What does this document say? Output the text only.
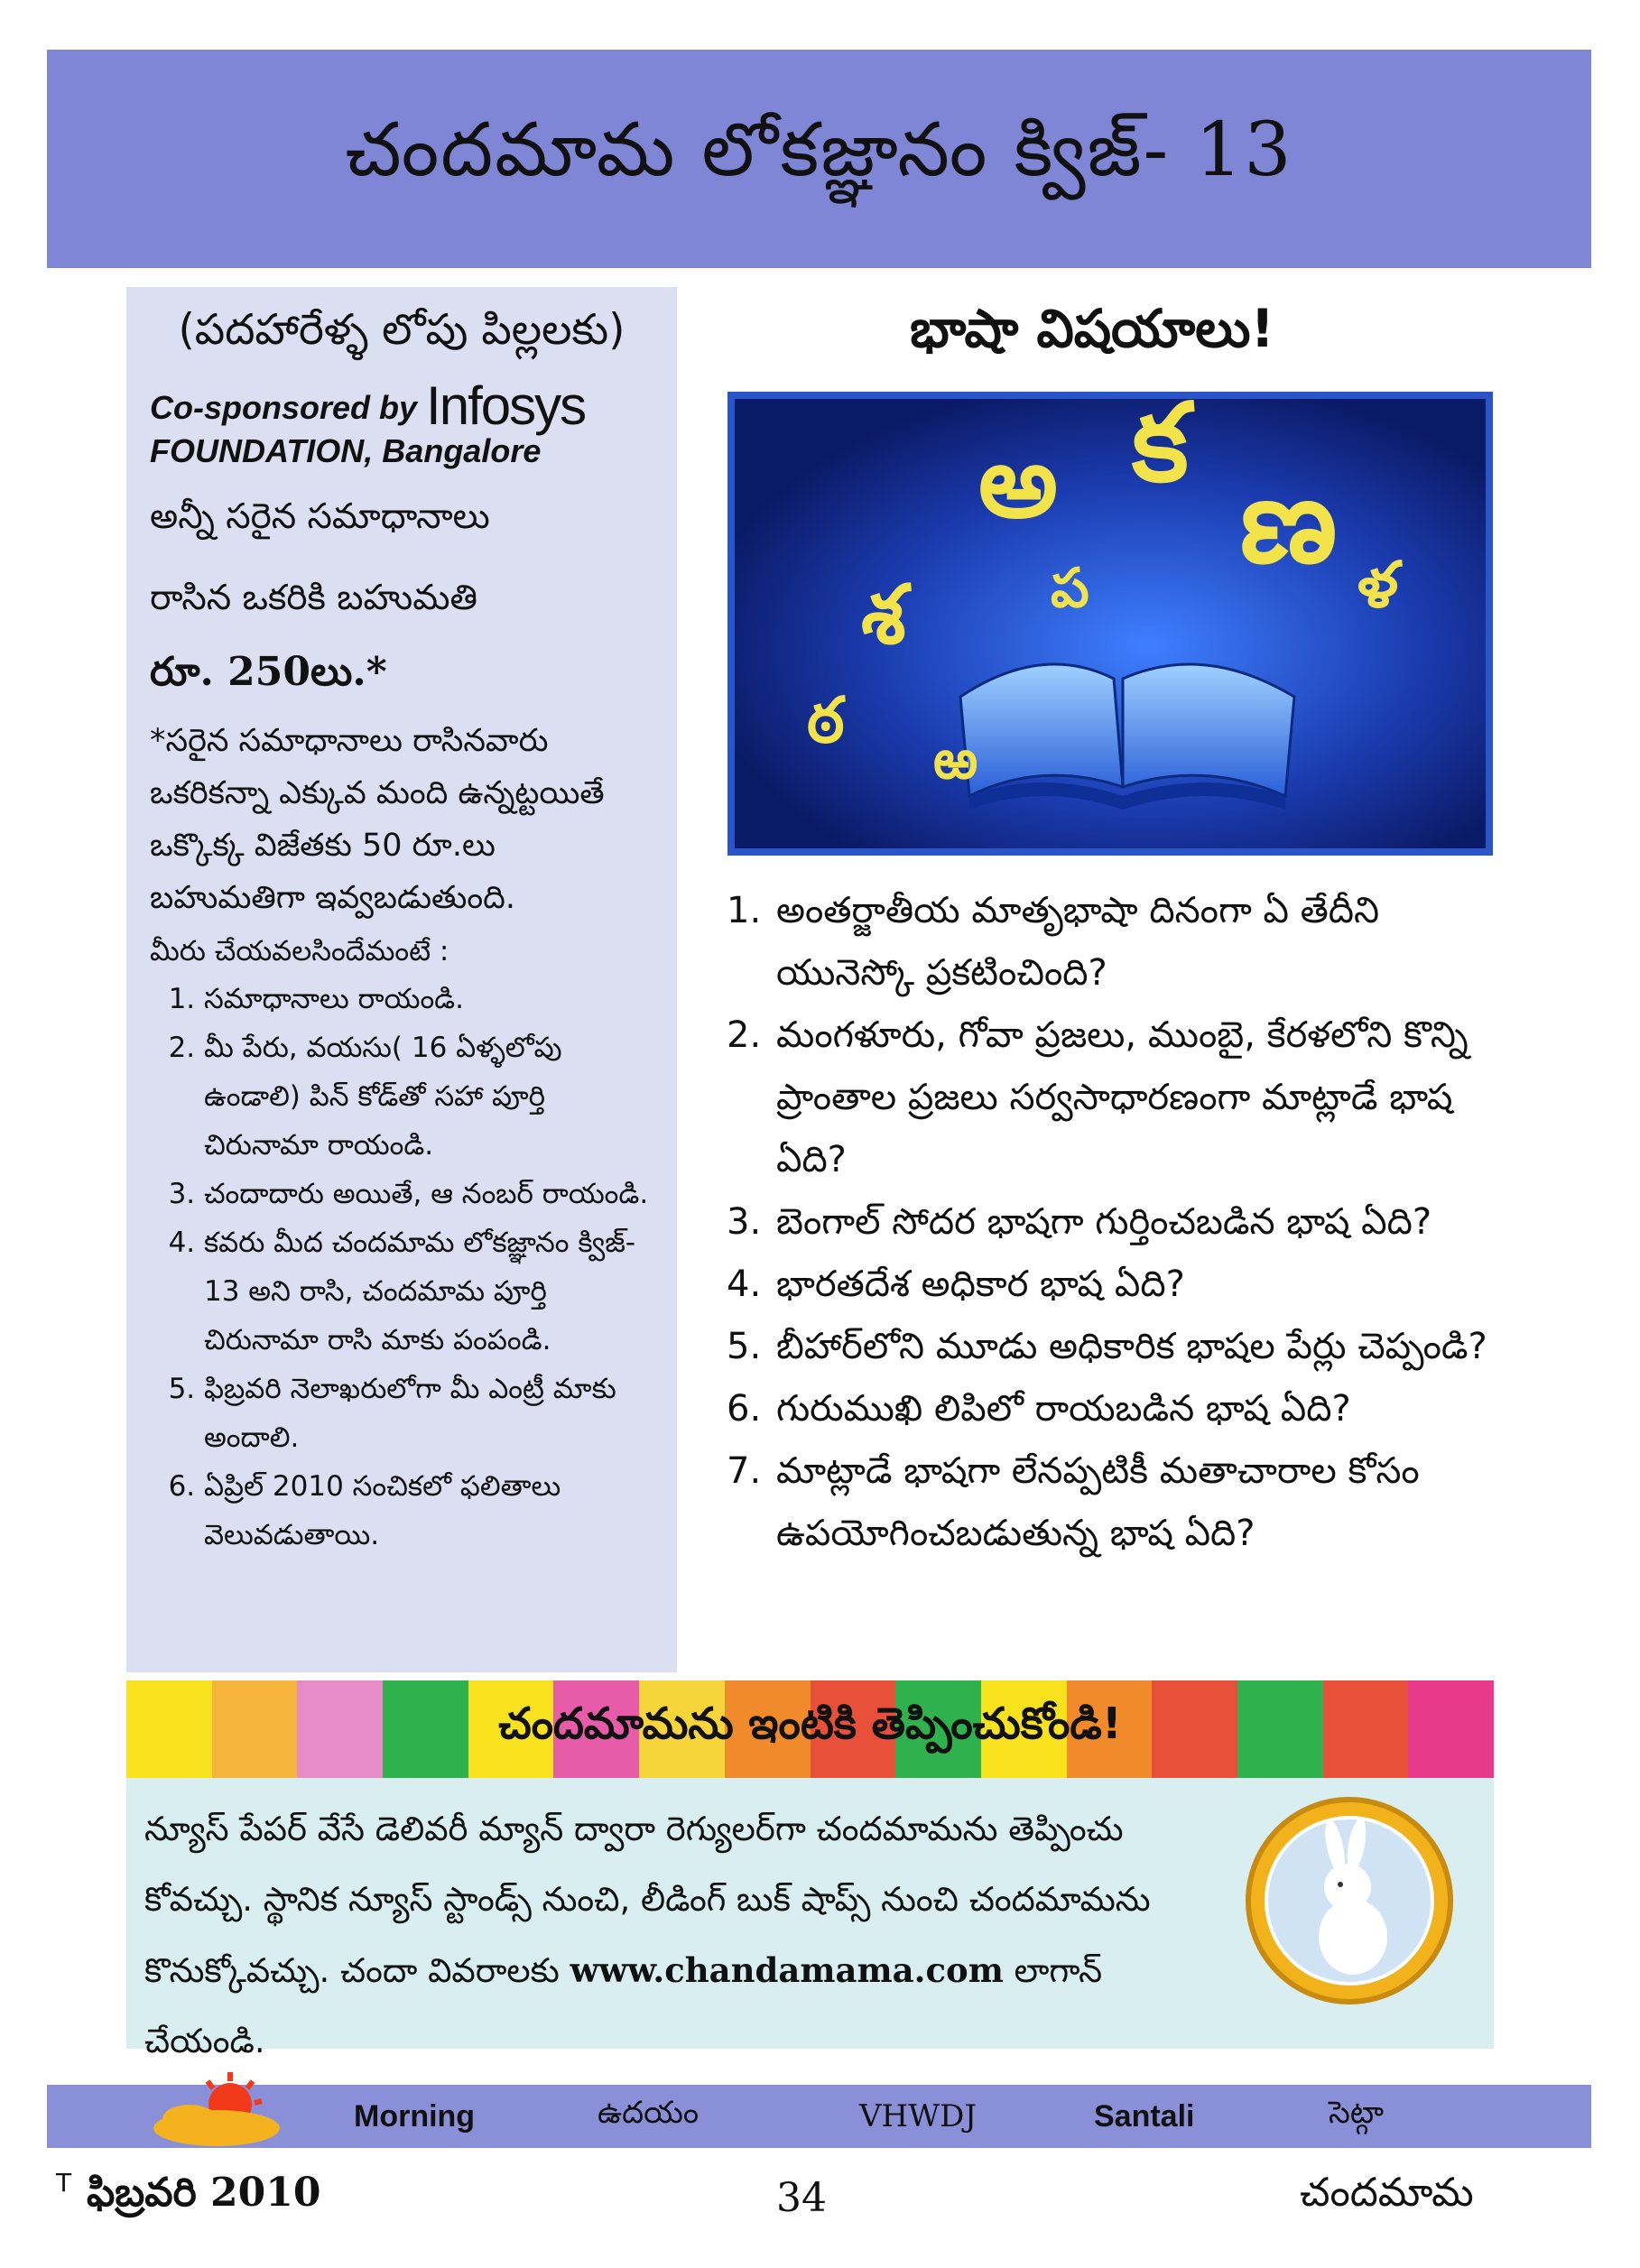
చందమామ లోకజ్ఞానం క్విజ్‌- 13
(పదహారేళ్ళ లోపు పిల్లలకు)
Co-sponsored by Infosys
FOUNDATION, Bangalore
అన్నీ సరైన సమాధానాలు
రాసిన ఒకరికి బహుమతి
రూ. 250లు.*
*సరైన సమాధానాలు రాసినవారు ఒకరికన్నా ఎక్కువ మంది ఉన్నట్టయితే ఒక్కొక్క విజేతకు 50 రూ.లు బహుమతిగా ఇవ్వబడుతుంది.
మీరు చేయవలసిందేమంటే :
1. సమాధానాలు రాయండి.
2. మీ పేరు, వయసు( 16 ఏళ్ళలోపు ఉండాలి) పిన్ కోడ్‌తో సహా పూర్తి చిరునామా రాయండి.
3. చందాదారు అయితే, ఆ నంబర్ రాయండి.
4. కవరు మీద చందమామ లోకజ్ఞానం క్విజ్- 13 అని రాసి, చందమామ పూర్తి చిరునామా రాసి మాకు పంపండి.
5. ఫిబ్రవరి నెలాఖరులోగా మీ ఎంట్రీ మాకు అందాలి.
6. ఏప్రిల్ 2010 సంచికలో ఫలితాలు వెలువడుతాయి.
భాషా విషయాలు!
అ క
ణ
శ
ఠ
ళ
ప
ఱ
1. అంతర్జాతీయ మాతృభాషా దినంగా ఏ తేదీని యునెస్కో ప్రకటించింది?
2. మంగళూరు, గోవా ప్రజలు, ముంబై, కేరళలోని కొన్ని ప్రాంతాల ప్రజలు సర్వసాధారణంగా మాట్లాడే భాష ఏది?
3. బెంగాల్ సోదర భాషగా గుర్తించబడిన భాష ఏది?
4. భారతదేశ అధికార భాష ఏది?
5. బీహార్‌లోని మూడు అధికారిక భాషల పేర్లు చెప్పండి?
6. గురుముఖి లిపిలో రాయబడిన భాష ఏది?
7. మాట్లాడే భాషగా లేనప్పటికీ మతాచారాల కోసం ఉపయోగించబడుతున్న భాష ఏది?
చందమామను ఇంటికి తెప్పించుకోండి!
న్యూస్ పేపర్ వేసే డెలివరీ మ్యాన్ ద్వారా రెగ్యులర్‌గా చందమామను తెప్పించు కోవచ్చు. స్థానిక న్యూస్ స్టాండ్స్ నుంచి, లీడింగ్ బుక్ షాప్స్ నుంచి చందమామను కొనుక్కోవచ్చు. చందా వివరాలకు www.chandamama.com లాగాన్ చేయండి.
Morning	ఉదయం	VHWDJ	Santali	సెట్గా
T ఫిబ్రవరి 2010	34	చందమామ
